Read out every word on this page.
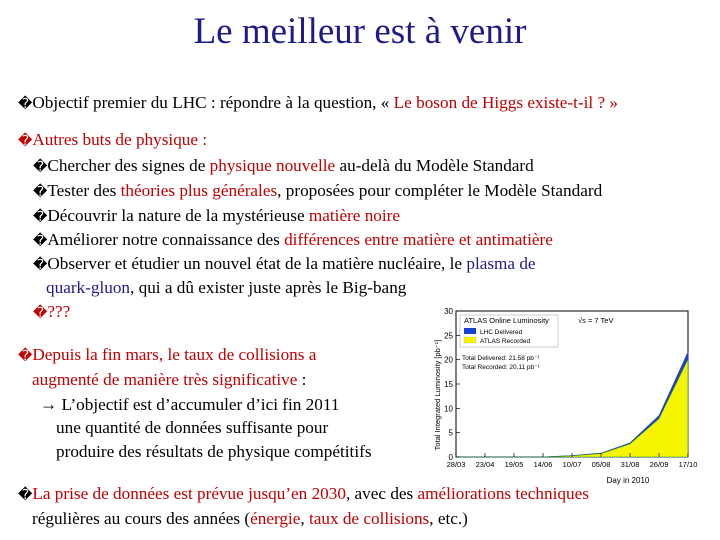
Le meilleur est à venir
�Objectif premier du LHC : répondre à la question, « Le boson de Higgs existe-t-il ? »
�Autres buts de physique :
�Chercher des signes de physique nouvelle au-delà du Modèle Standard
�Tester des théories plus générales, proposées pour compléter le Modèle Standard
�Découvrir la nature de la mystérieuse matière noire
�Améliorer notre connaissance des différences entre matière et antimatière
�Observer et étudier un nouvel état de la matière nucléaire, le plasma de
quark-gluon, qui a dû exister juste après le Big-bang
�???
�Depuis la fin mars, le taux de collisions a
augmenté de manière très significative :
→ L’objectif est d’accumuler d’ici fin 2011
une quantité de données suffisante pour
produire des résultats de physique compétitifs
�La prise de données est prévue jusqu’en 2030, avec des améliorations techniques
régulières au cours des années (énergie, taux de collisions, etc.)
Total Integrated Luminosity [pb⁻¹]
ATLAS Online Luminosity	√s = 7 TeV
LHC Delivered
ATLAS Recorded
Total Delivered: 21.58 pb⁻¹
Total Recorded: 20.11 pb⁻¹
0
5
10
15
20
25
30
28/03 23/04 19/05 14/06 10/07 05/08 31/08 26/09 17/10
Day in 2010
